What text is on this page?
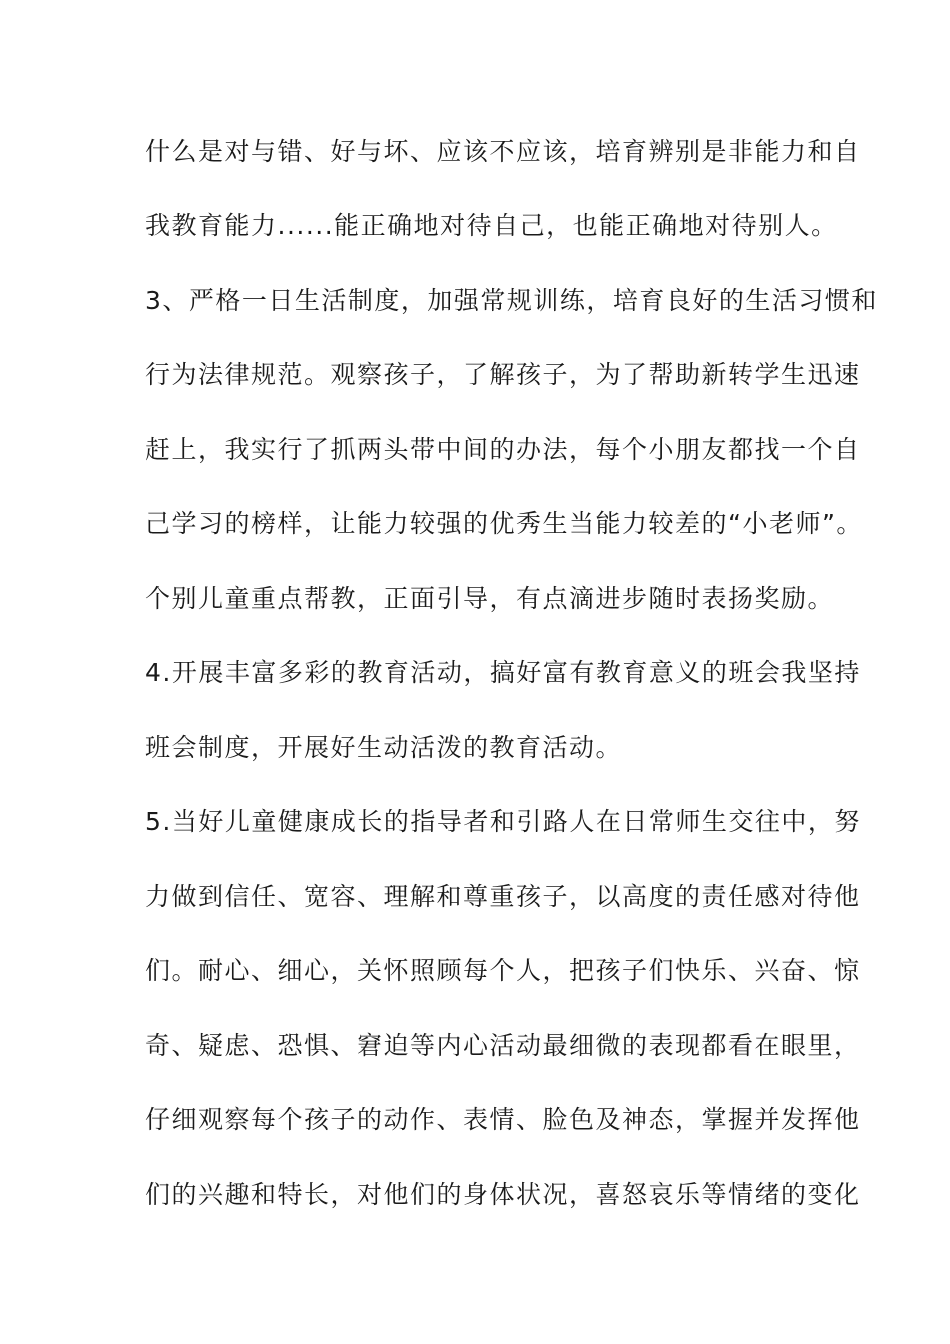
什么是对与错、好与坏、应该不应该，培育辨别是非能力和自
我教育能力......能正确地对待自己，也能正确地对待别人。
3、严格一日生活制度，加强常规训练，培育良好的生活习惯和
行为法律规范。观察孩子，了解孩子，为了帮助新转学生迅速
赶上，我实行了抓两头带中间的办法，每个小朋友都找一个自
己学习的榜样，让能力较强的优秀生当能力较差的“小老师”。
个别儿童重点帮教，正面引导，有点滴进步随时表扬奖励。
4.开展丰富多彩的教育活动，搞好富有教育意义的班会我坚持
班会制度，开展好生动活泼的教育活动。
5.当好儿童健康成长的指导者和引路人在日常师生交往中，努
力做到信任、宽容、理解和尊重孩子，以高度的责任感对待他
们。耐心、细心，关怀照顾每个人，把孩子们快乐、兴奋、惊
奇、疑虑、恐惧、窘迫等内心活动最细微的表现都看在眼里，
仔细观察每个孩子的动作、表情、脸色及神态，掌握并发挥他
们的兴趣和特长，对他们的身体状况，喜怒哀乐等情绪的变化
